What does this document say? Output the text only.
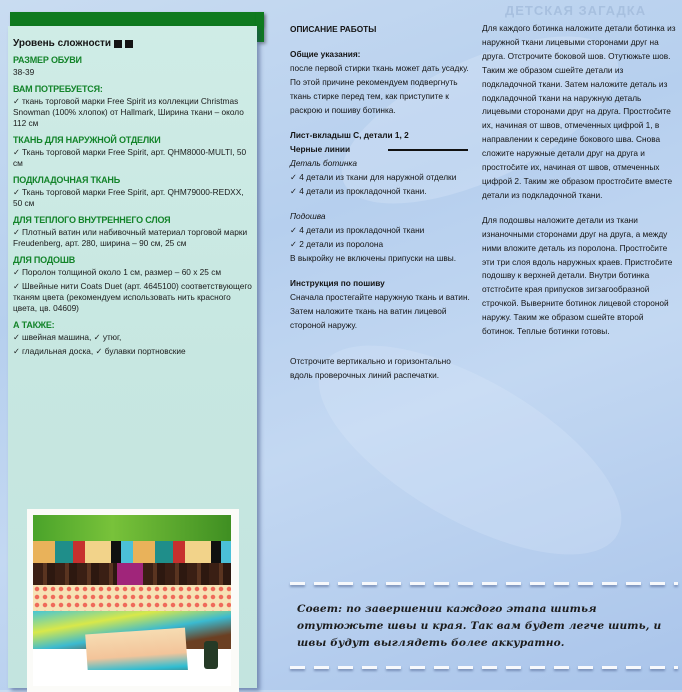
ДЕТСКАЯ ЗАГАДКА
Уровень сложности
РАЗМЕР ОБУВИ
38-39
ВАМ ПОТРЕБУЕТСЯ:
✓ ткань торговой марки Free Spirit из коллекции Christmas Snowman (100% хлопок) от Hallmark, Ширина ткани – около 112 см
ТКАНЬ ДЛЯ НАРУЖНОЙ ОТДЕЛКИ
✓ Ткань торговой марки Free Spirit, арт. QHM8000-MULTI, 50 см
ПОДКЛАДОЧНАЯ ТКАНЬ
✓ Ткань торговой марки Free Spirit, арт. QHM79000-REDXX, 50 см
ДЛЯ ТЕПЛОГО ВНУТРЕННЕГО СЛОЯ
✓ Плотный ватин или набивочный материал торговой марки Freudenberg, арт. 280, ширина – 90 см, 25 см
ДЛЯ ПОДОШВ
✓ Поролон толщиной около 1 см, размер – 60 x 25 см
✓ Швейные нити Coats Duet (арт. 4645100) соответствующего тканям цвета (рекомендуем использовать нить красного цвета, цв. 04609)
А ТАКЖЕ:
✓ швейная машина, ✓ утюг,
✓ гладильная доска, ✓ булавки портновские
ОПИСАНИЕ РАБОТЫ
Общие указания:
после первой стирки ткань может дать усадку. По этой причине рекомендуем подвергнуть ткань стирке перед тем, как приступите к раскрою и пошиву ботинка.
Лист-вкладыш С, детали 1, 2
Черные линии
Деталь ботинка
✓ 4 детали из ткани для наружной отделки
✓ 4 детали из прокладочной ткани.
Подошва
✓ 4 детали из прокладочной ткани
✓ 2 детали из поролона
В выкройку не включены припуски на швы.
Инструкция по пошиву
Сначала простегайте наружную ткань и ватин. Затем наложите ткань на ватин лицевой стороной наружу.
Отстрочите вертикально и горизонтально вдоль проверочных линий распечатки.
Для каждого ботинка наложите детали ботинка из наружной ткани лицевыми сторонами друг на друга. Отстрочите боковой шов. Отутюжьте шов. Таким же образом сшейте детали из подкладочной ткани. Затем наложите деталь из подкладочной ткани на наружную деталь лицевыми сторонами друг на друга. Простročите их, начиная от швов, отмеченных цифрой 1, в направлении к середине бокового шва. Снова сложите наружные детали друг на друга и простročите их, начиная от швов, отмеченных цифрой 2. Таким же образом простročите вместе детали из подкладочной ткани.
Для подошвы наложите детали из ткани изнаночными сторонами друг на друга, а между ними вложите деталь из поролона. Простročите эти три слоя вдоль наружных краев. Пристročите подошву к верхней детали. Внутри ботинка отстročите края припусков зигзагообразной строчкой. Выверните ботинок лицевой стороной наружу. Таким же образом сшейте второй ботинок. Теплые ботинки готовы.
Совет: по завершении каждого этапа шитья отутюжьте швы и края. Так вам будет легче шить, и швы будут выглядеть более аккуратно.
